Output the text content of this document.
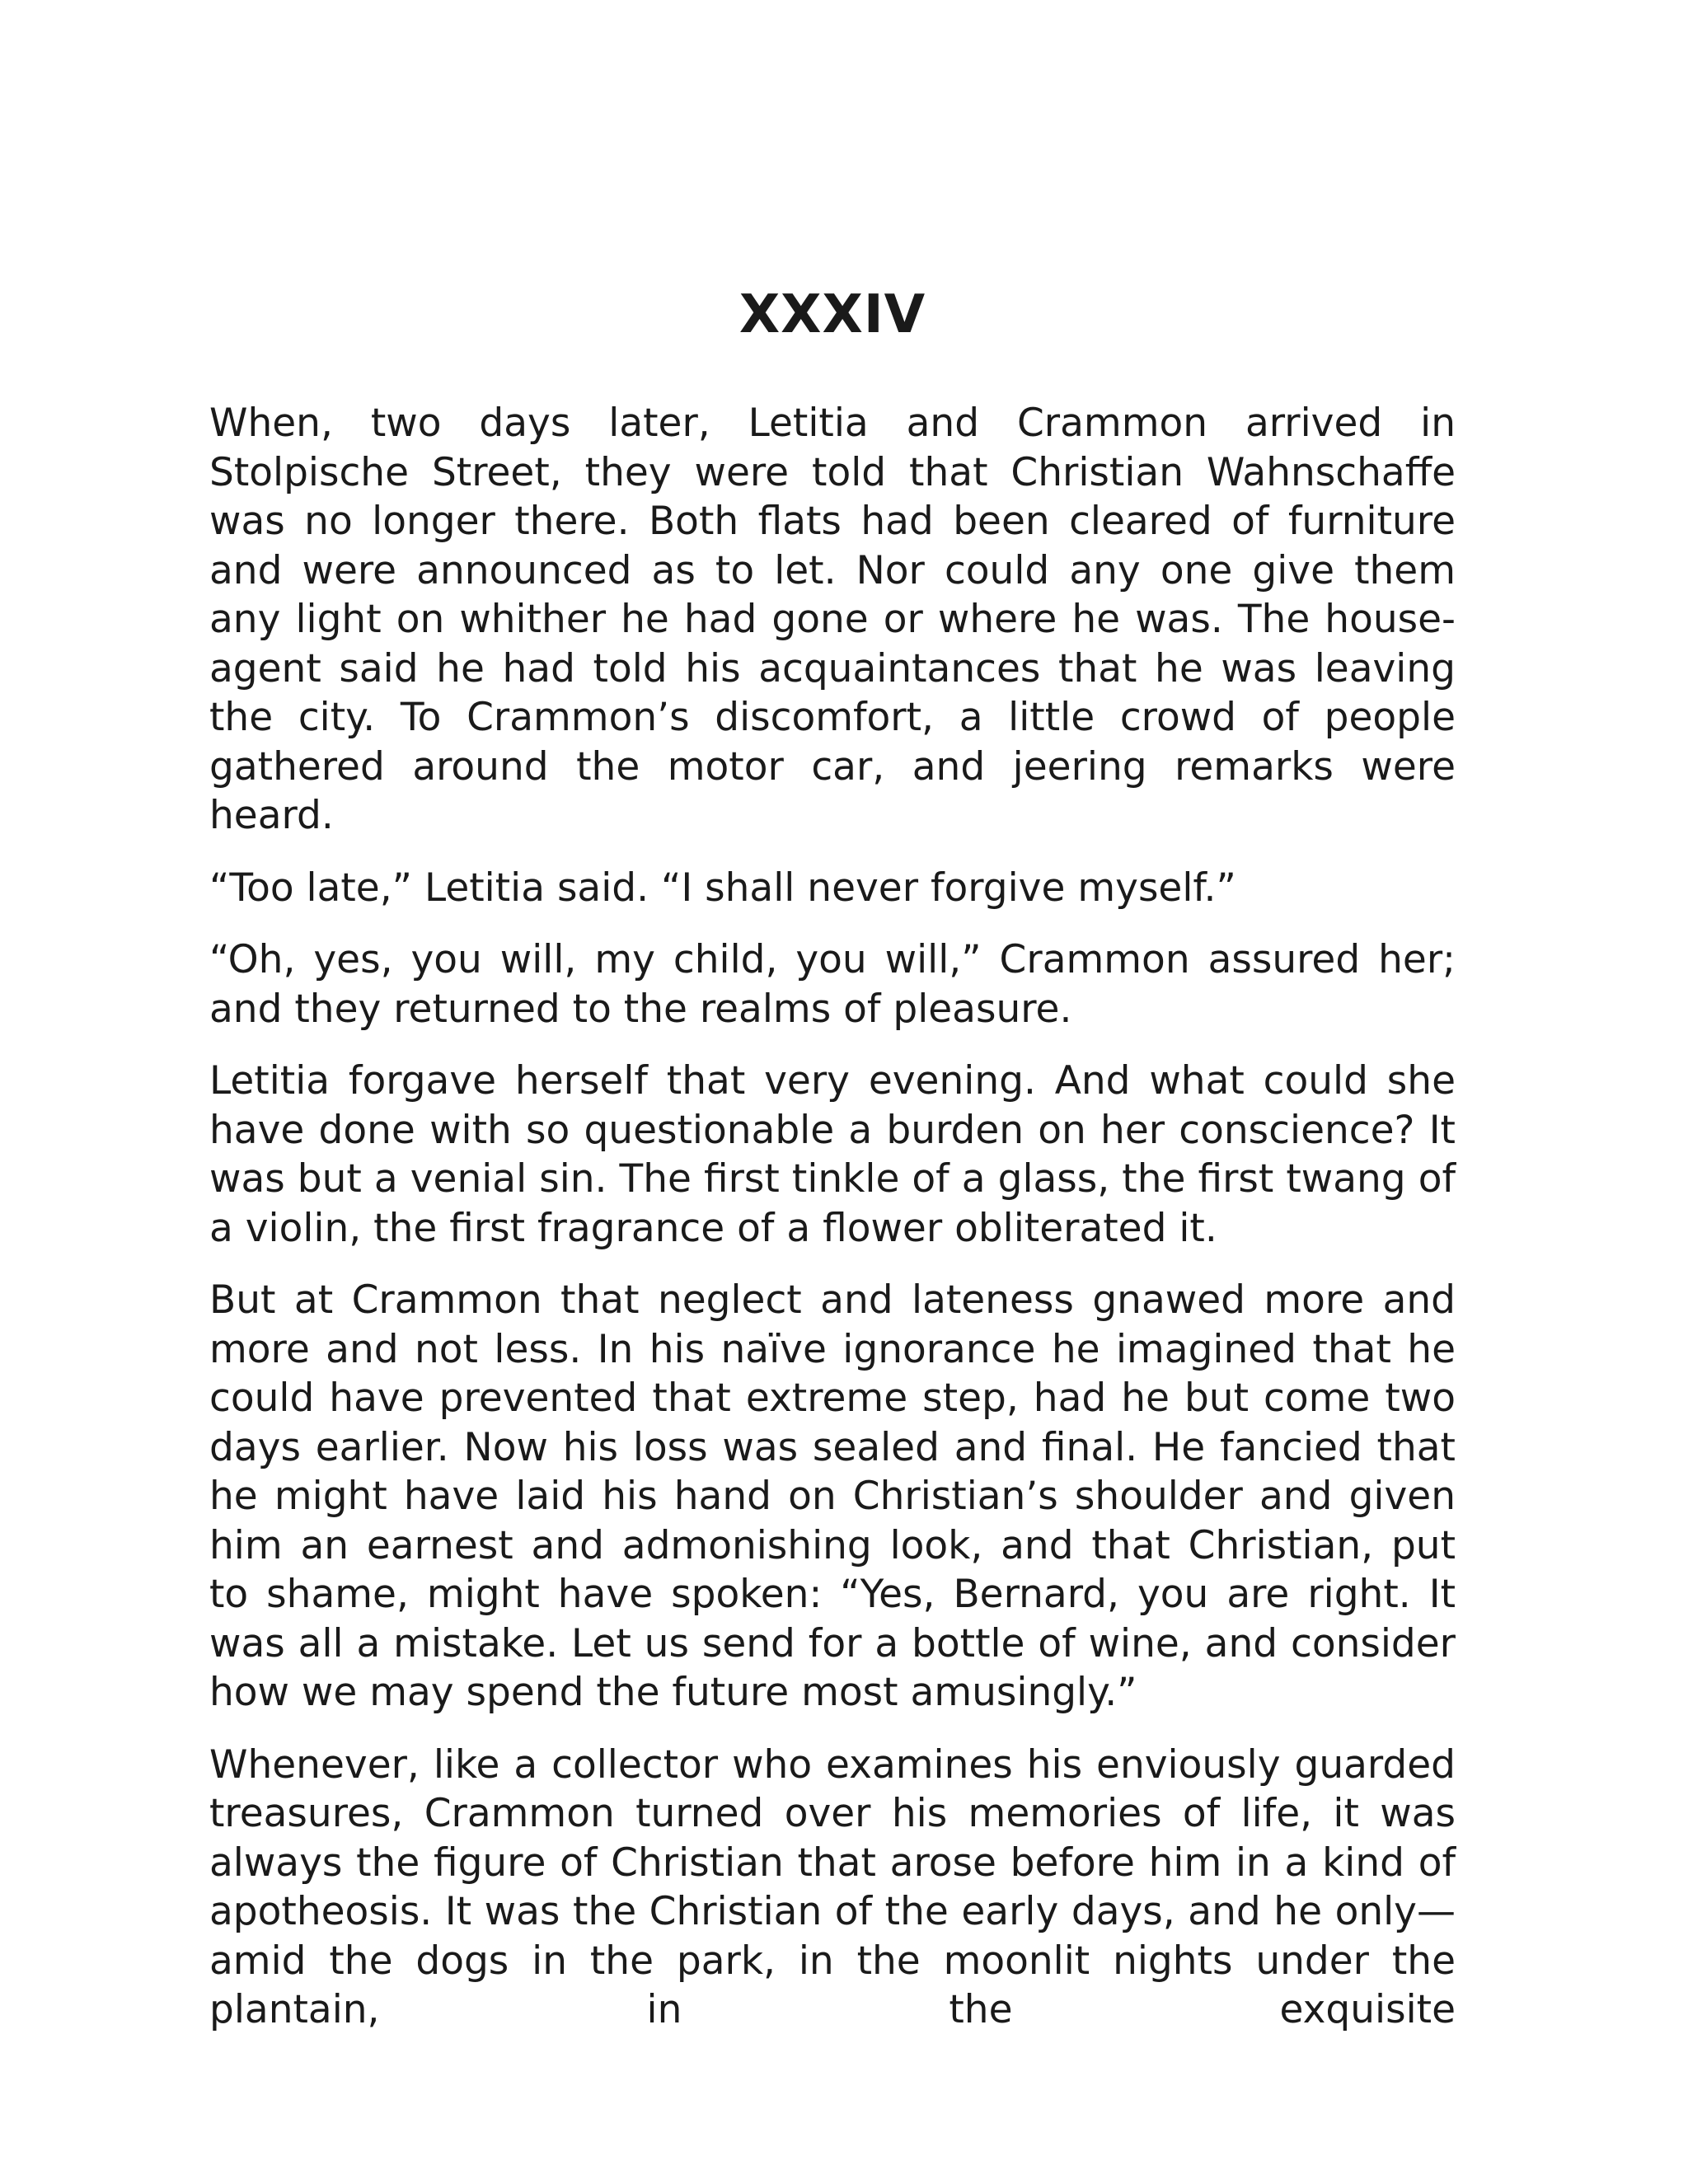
XXXIV

When, two days later, Letitia and Crammon arrived in Stolpische Street, they were told that Christian Wahnschaffe was no longer there. Both flats had been cleared of furniture and were announced as to let. Nor could any one give them any light on whither he had gone or where he was. The house-agent said he had told his acquaintances that he was leaving the city. To Crammon’s discomfort, a little crowd of people gathered around the motor car, and jeering remarks were heard.

“Too late,” Letitia said. “I shall never forgive myself.”

“Oh, yes, you will, my child, you will,” Crammon assured her; and they returned to the realms of pleasure.

Letitia forgave herself that very evening. And what could she have done with so questionable a burden on her conscience? It was but a venial sin. The first tinkle of a glass, the first twang of a violin, the first fragrance of a flower obliterated it.

But at Crammon that neglect and lateness gnawed more and more and not less. In his naïve ignorance he imagined that he could have prevented that extreme step, had he but come two days earlier. Now his loss was sealed and final. He fancied that he might have laid his hand on Christian’s shoulder and given him an earnest and admonishing look, and that Christian, put to shame, might have spoken: “Yes, Bernard, you are right. It was all a mistake. Let us send for a bottle of wine, and consider how we may spend the future most amusingly.”

Whenever, like a collector who examines his enviously guarded treasures, Crammon turned over his memories of life, it was always the figure of Christian that arose before him in a kind of apotheosis. It was the Christian of the early days, and he only—amid the dogs in the park, in the moonlit nights under the plantain, in the exquisite
